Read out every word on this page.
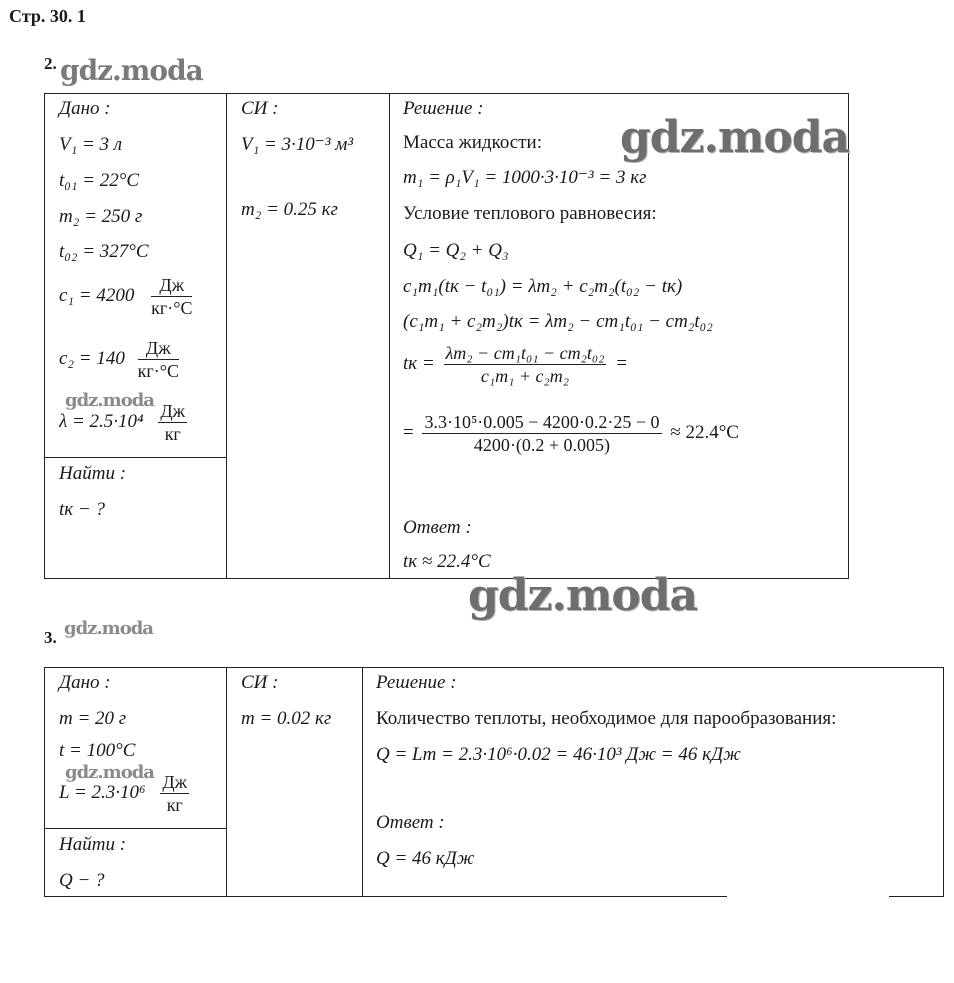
Стр. 30. 1
2. gdz.moda
Дано :
V₁ = 3 л
t₀₁ = 22°C
m₂ = 250 г
t₀₂ = 327°C
$c_1 = 4200 \frac{Дж}{кг\cdot^\circ C}$
$c_2 = 140 \frac{Дж}{кг\cdot^\circ C}$
gdz.moda
$\lambda = 2.5\cdot 10^4 \frac{Дж}{кг}$
Найти :
tк − ?
СИ :
V₁ = 3·10⁻³ м³
m₂ = 0.25 кг
Решение :
Масса жидкости:
m₁ = ρ₁V₁ = 1000·3·10⁻³ = 3 кг
Условие теплового равновесия:
Q₁ = Q₂ + Q₃
c₁m₁(tк − t₀₁) = λm₂ + c₂m₂(t₀₂ − tк)
(c₁m₁ + c₂m₂)tк = λm₂ − cm₁t₀₁ − cm₂t₀₂
tк = $\frac{\text{λm₂ − cm₁t₀₁ − cm₂t₀₂}}{\text{c₁m₁ + c₂m₂}}$ =
= $\frac{\text{3.3·10⁵·0.005 − 4200·0.2·25 − 0}}{4200\cdot(0.2 + 0.005)} \approx 22.4^\circ C$
Ответ :
tк ≈ 22.4°C
gdz.moda
gdz.moda
3. gdz.moda
Дано :
m = 20 г
t = 100°C
gdz.moda
$L = 2.3\cdot 10^6 \frac{Дж}{кг}$
Найти :
Q − ?
СИ :
m = 0.02 кг
Решение :
Количество теплоты, необходимое для парообразования:
Q = Lm = 2.3·10⁶·0.02 = 46·10³ Дж = 46 кДж
Ответ :
Q = 46 кДж
